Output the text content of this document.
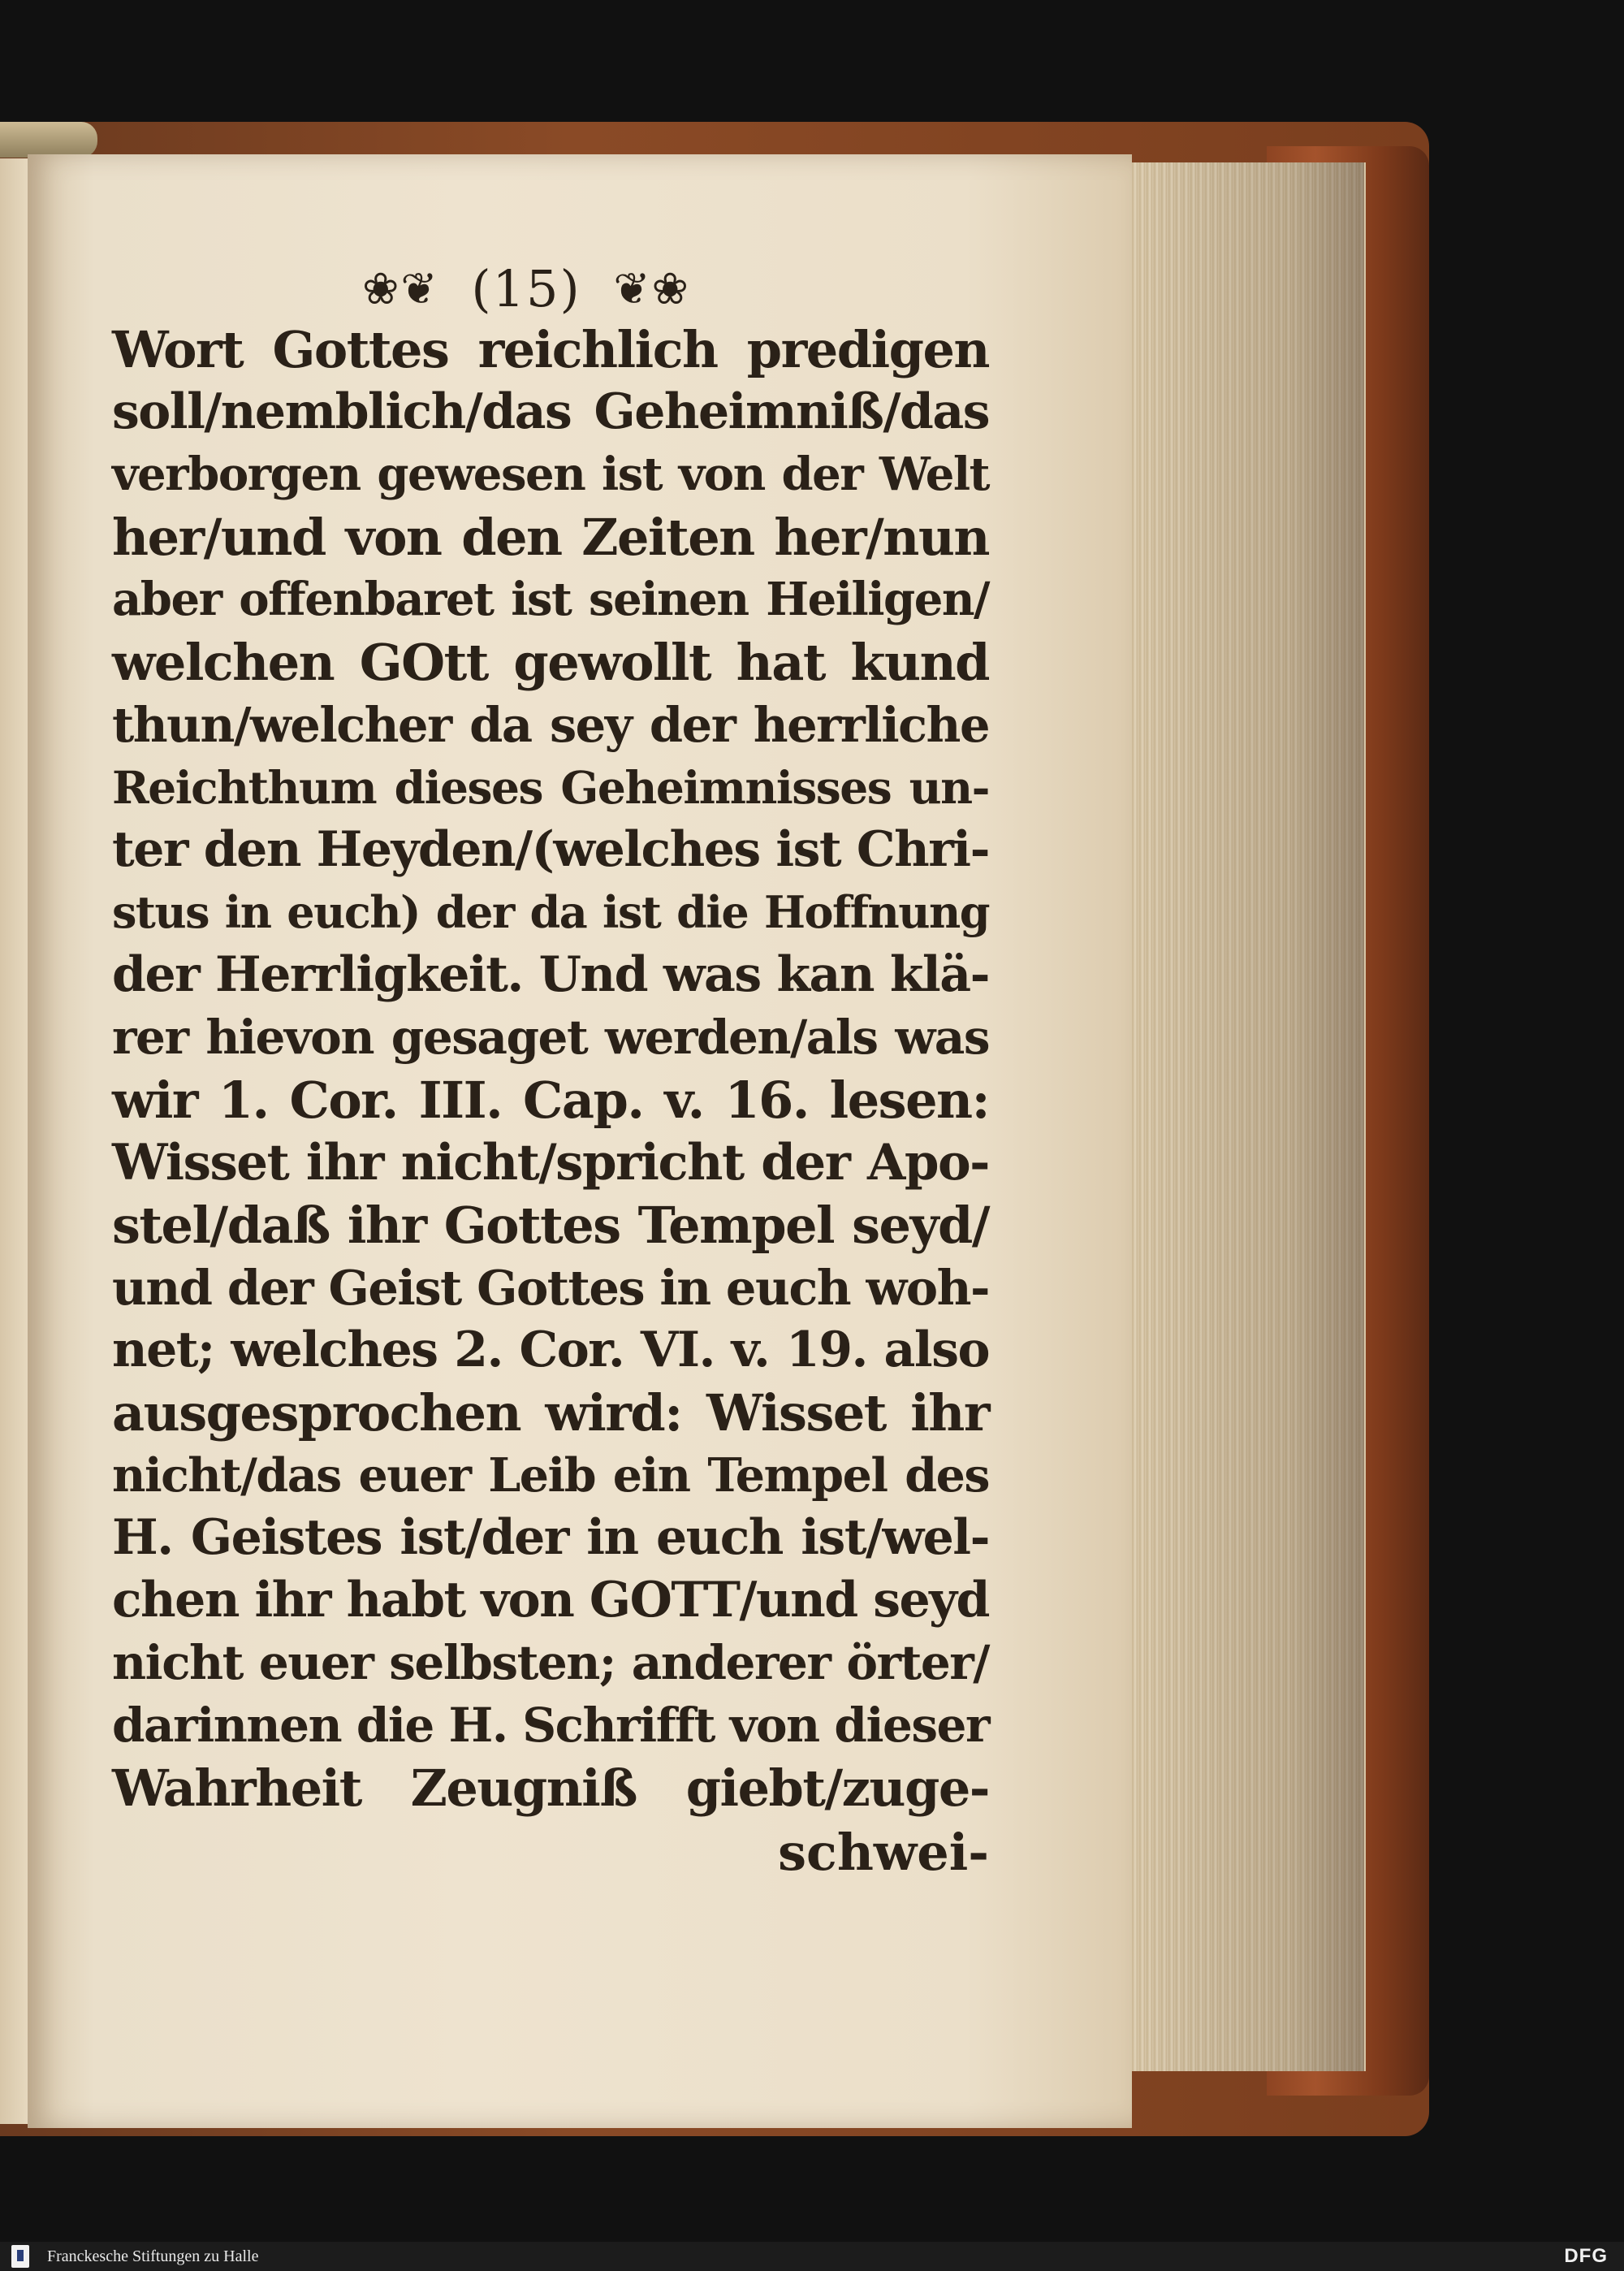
❀❦ (15) ❦❀
Wort Gottes reichlich predigen
soll/nemblich/das Geheimniß/das
verborgen gewesen ist von der Welt
her/und von den Zeiten her/nun
aber offenbaret ist seinen Heiligen/
welchen GOtt gewollt hat kund
thun/welcher da sey der herrliche
Reichthum dieses Geheimnisses un-
ter den Heyden/(welches ist Chri-
stus in euch) der da ist die Hoffnung
der Herrligkeit. Und was kan klä-
rer hievon gesaget werden/als was
wir 1. Cor. III. Cap. v. 16. lesen:
Wisset ihr nicht/spricht der Apo-
stel/daß ihr Gottes Tempel seyd/
und der Geist Gottes in euch woh-
net; welches 2. Cor. VI. v. 19. also
ausgesprochen wird: Wisset ihr
nicht/das euer Leib ein Tempel des
H. Geistes ist/der in euch ist/wel-
chen ihr habt von GOTT/und seyd
nicht euer selbsten; anderer örter/
darinnen die H. Schrifft von dieser
Wahrheit Zeugniß giebt/zuge-
schwei-
Franckesche Stiftungen zu Halle	DFG
